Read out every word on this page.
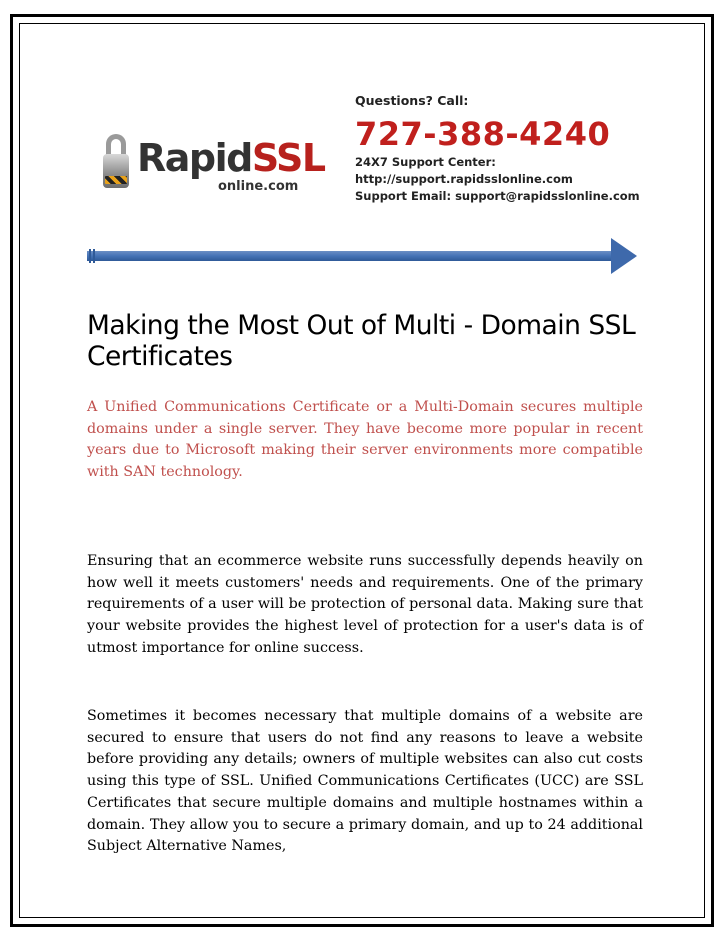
RapidSSL
online.com
Questions? Call:
727-388-4240
24X7 Support Center:
http://support.rapidsslonline.com
Support Email: support@rapidsslonline.com
Making the Most Out of Multi - Domain SSL Certificates

A Unified Communications Certificate or a Multi-Domain secures multiple domains under a single server. They have become more popular in recent years due to Microsoft making their server environments more compatible with SAN technology.

Ensuring that an ecommerce website runs successfully depends heavily on how well it meets customers' needs and requirements. One of the primary requirements of a user will be protection of personal data. Making sure that your website provides the highest level of protection for a user's data is of utmost importance for online success.

Sometimes it becomes necessary that multiple domains of a website are secured to ensure that users do not find any reasons to leave a website before providing any details; owners of multiple websites can also cut costs using this type of SSL. Unified Communications Certificates (UCC) are SSL Certificates that secure multiple domains and multiple hostnames within a domain. They allow you to secure a primary domain, and up to 24 additional Subject Alternative Names,
